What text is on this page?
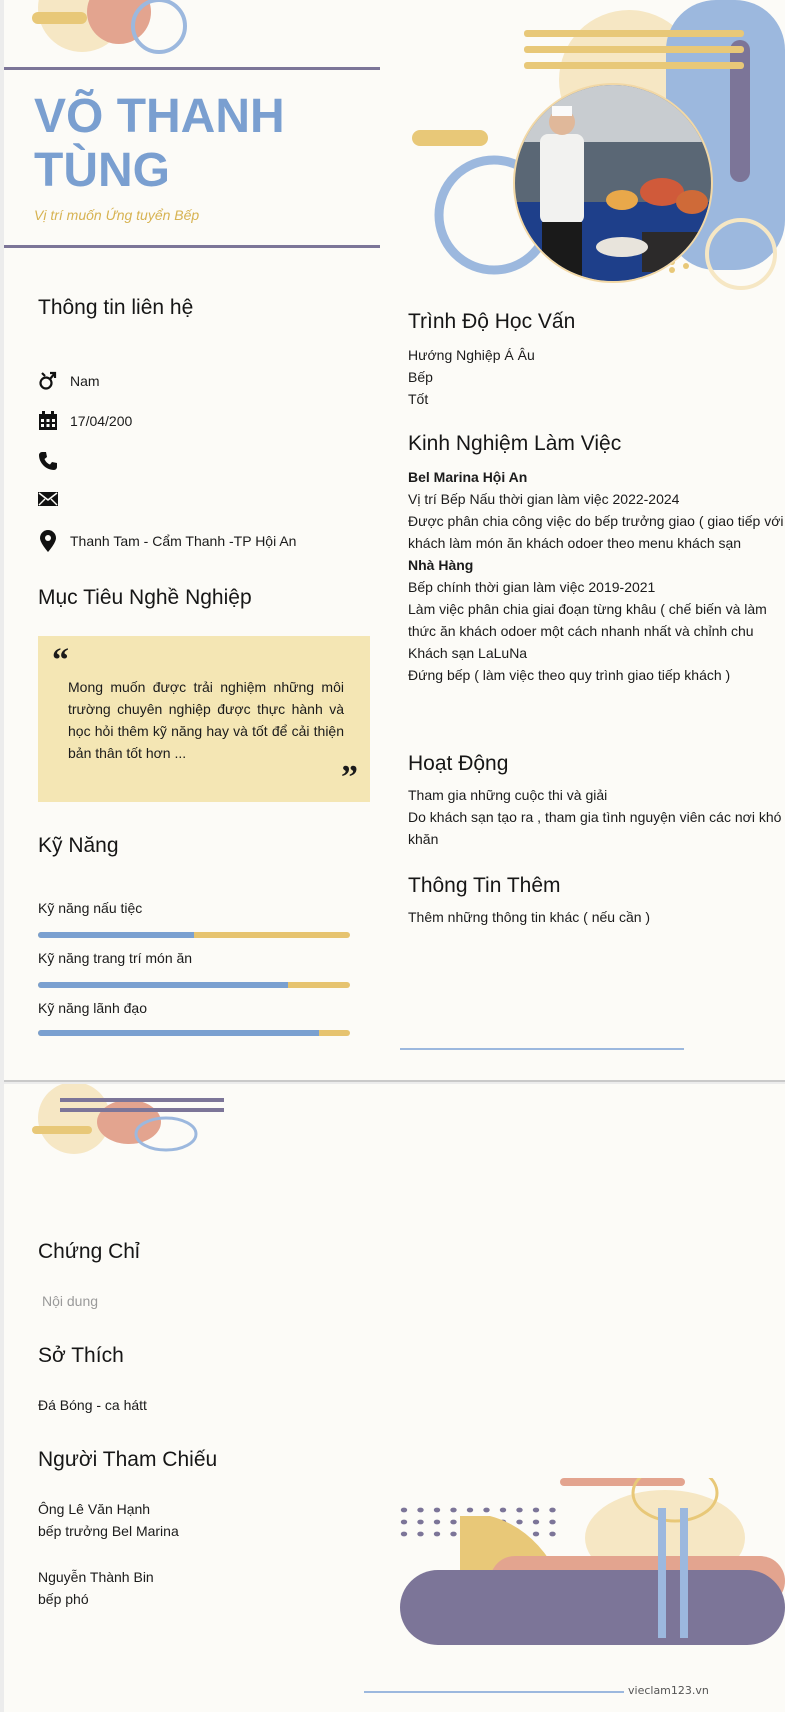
VÕ THANH TÙNG
Vị trí muốn Ứng tuyển Bếp
Thông tin liên hệ
Nam
17/04/200
Thanh Tam - Cẩm Thanh -TP Hội An
Mục Tiêu Nghề Nghiệp
“
Mong muốn được trải nghiệm những môi trường chuyên nghiệp được thực hành và học hỏi thêm kỹ năng hay và tốt để cải thiện bản thân tốt hơn ...
”
Kỹ Năng
Kỹ năng nấu tiệc
Kỹ năng trang trí món ăn
Kỹ năng lãnh đạo
Trình Độ Học Vấn
Hướng Nghiệp Á Âu
Bếp
Tốt
Kinh Nghiệm Làm Việc
Bel Marina Hội An
Vị trí Bếp Nấu thời gian làm việc 2022-2024
Được phân chia công việc do bếp trưởng giao ( giao tiếp với khách làm món ăn khách odoer theo menu khách sạn
Nhà Hàng
Bếp chính thời gian làm việc 2019-2021
Làm việc phân chia giai đoạn từng khâu ( chế biến và làm thức ăn khách odoer một cách nhanh nhất và chỉnh chu
Khách sạn LaLuNa
Đứng bếp ( làm việc theo quy trình giao tiếp khách )
Hoạt Động
Tham gia những cuộc thi và giải
Do khách sạn tạo ra , tham gia tình nguyện viên các nơi khó khăn
Thông Tin Thêm
Thêm những thông tin khác ( nếu cần )
Chứng Chỉ
Nội dung
Sở Thích
Đá Bóng - ca hátt
Người Tham Chiếu
Ông Lê Văn Hạnh
bếp trưởng Bel Marina
Nguyễn Thành Bin
bếp phó
vieclam123.vn
